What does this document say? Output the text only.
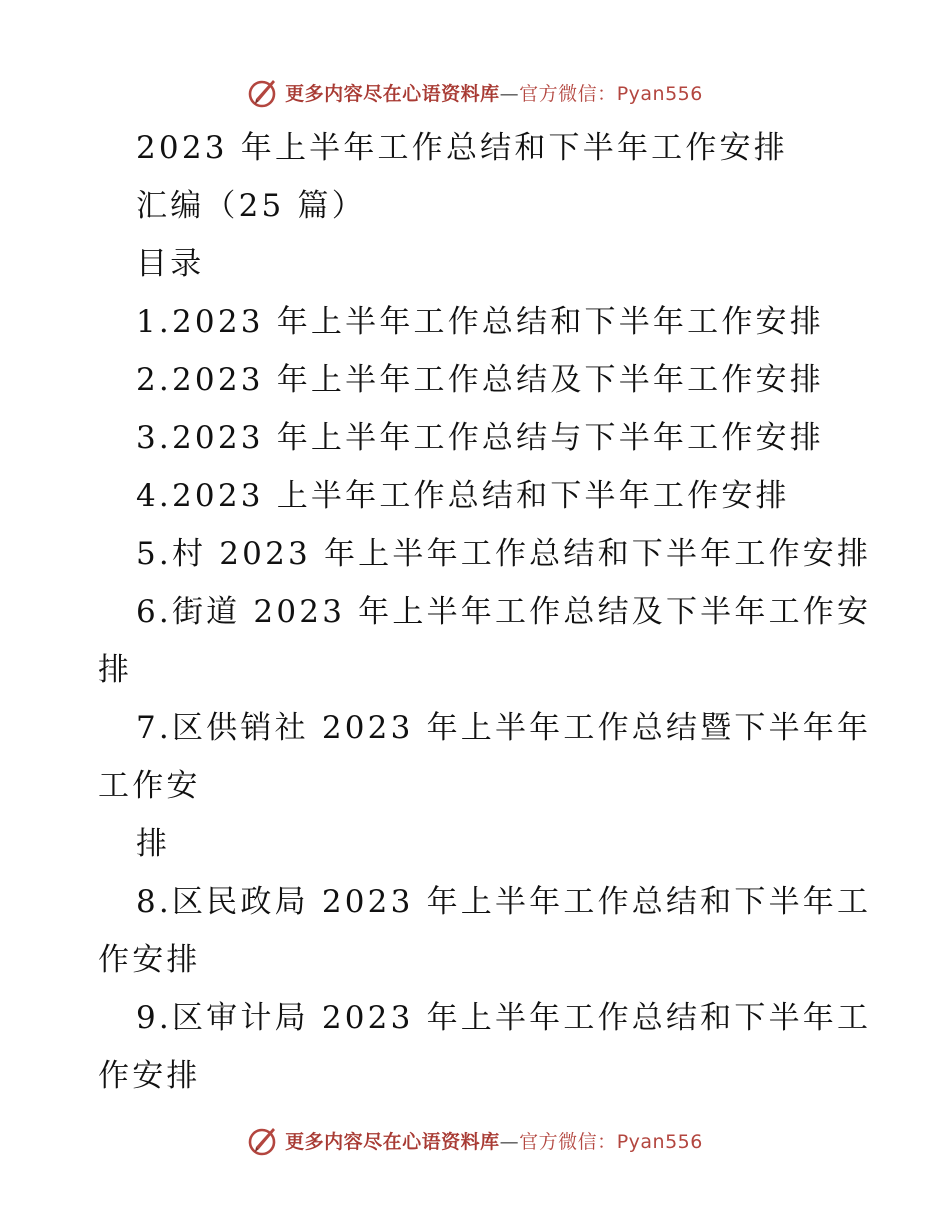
更多内容尽在心语资料库—官方微信：Pyan556
2023 年上半年工作总结和下半年工作安排
汇编（25 篇）
目录
1.2023 年上半年工作总结和下半年工作安排
2.2023 年上半年工作总结及下半年工作安排
3.2023 年上半年工作总结与下半年工作安排
4.2023 上半年工作总结和下半年工作安排
5.村 2023 年上半年工作总结和下半年工作安排
6.街道 2023 年上半年工作总结及下半年工作安
排
7.区供销社 2023 年上半年工作总结暨下半年年
工作安
排
8.区民政局 2023 年上半年工作总结和下半年工
作安排
9.区审计局 2023 年上半年工作总结和下半年工
作安排
更多内容尽在心语资料库—官方微信：Pyan556
